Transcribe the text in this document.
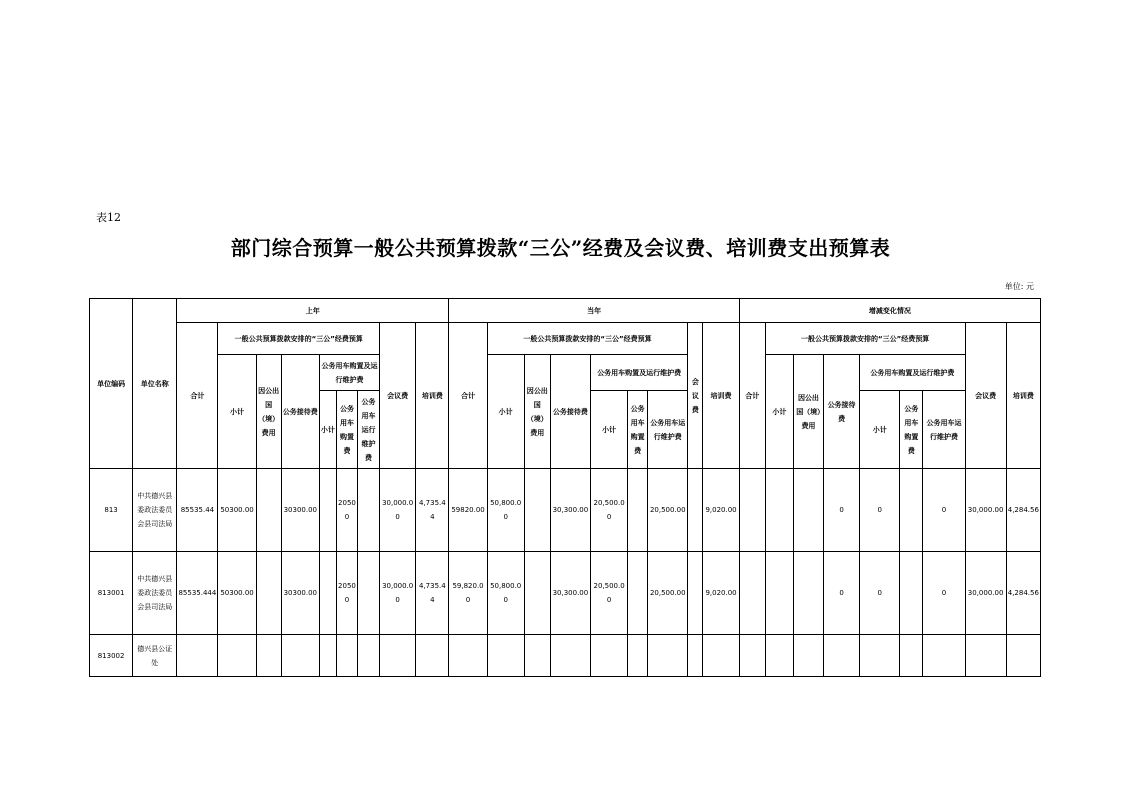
表12
部门综合预算一般公共预算拨款“三公”经费及会议费、培训费支出预算表
单位: 元
单位编码	单位名称	上年									当年									增减变化情况								
		合计	一般公共预算拨款安排的“三公”经费预算						会议费	培训费	合计	一般公共预算拨款安排的“三公”经费预算						会议费	培训费	合计	一般公共预算拨款安排的“三公”经费预算						会议费	培训费
			小计	因公出国（境）费用	公务接待费	公务用车购置及运行维护费						小计	因公出国（境）费用	公务接待费	公务用车购置及运行维护费						小计	因公出国（境）费用	公务接待费	公务用车购置及运行维护费				
						小计	公务用车购置费	公务用车运行维护费							小计	公务用车购置费	公务用车运行维护费							小计	公务用车购置费	公务用车运行维护费		
813	中共德兴县委政法委员会县司法局	85535.44	50300.00		30300.00		20500		30,000.00	4,735.44	59820.00	50,800.00		30,300.00	20,500.00		20,500.00		9,020.00				0	0		0	30,000.00	4,284.56
813001	中共德兴县委政法委员会县司法局	85535.444	50300.00		30300.00		20500		30,000.00	4,735.44	59,820.00	50,800.00		30,300.00	20,500.00		20,500.00		9,020.00				0	0		0	30,000.00	4,284.56
813002	德兴县公证处																											
